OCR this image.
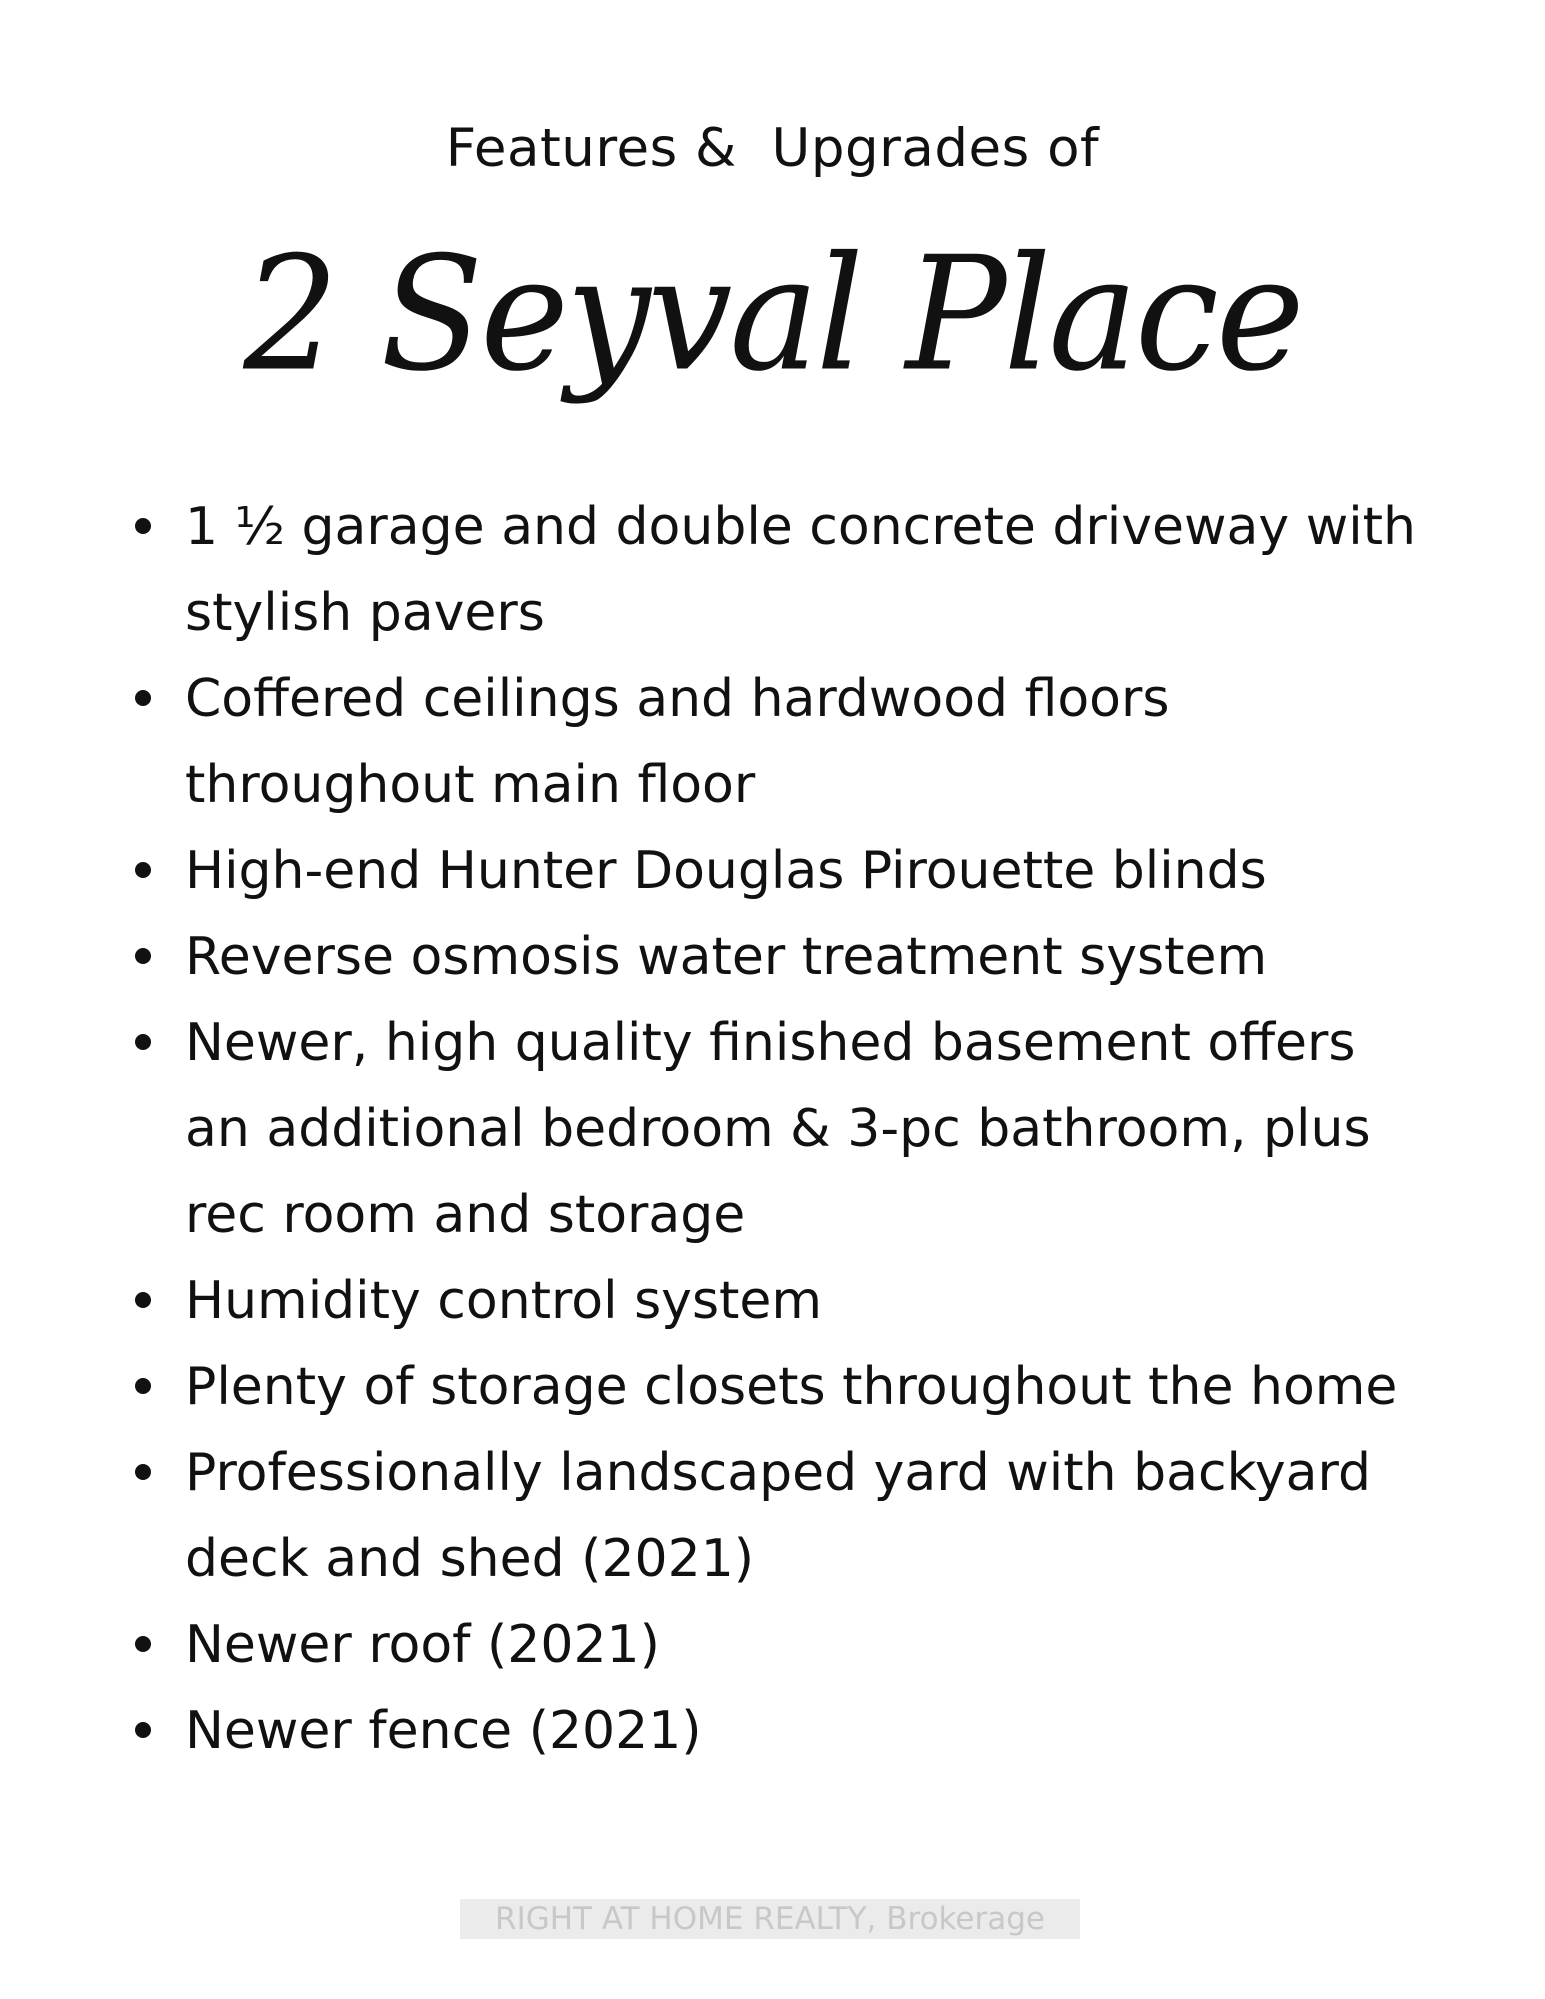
Features &  Upgrades of
2 Seyval Place
1 ½ garage and double concrete driveway with stylish pavers
Coffered ceilings and hardwood floors throughout main floor
High-end Hunter Douglas Pirouette blinds
Reverse osmosis water treatment system
Newer, high quality finished basement offers an additional bedroom & 3-pc bathroom, plus rec room and storage
Humidity control system
Plenty of storage closets throughout the home
Professionally landscaped yard with backyard deck and shed (2021)
Newer roof (2021)
Newer fence (2021)
RIGHT AT HOME REALTY, Brokerage
